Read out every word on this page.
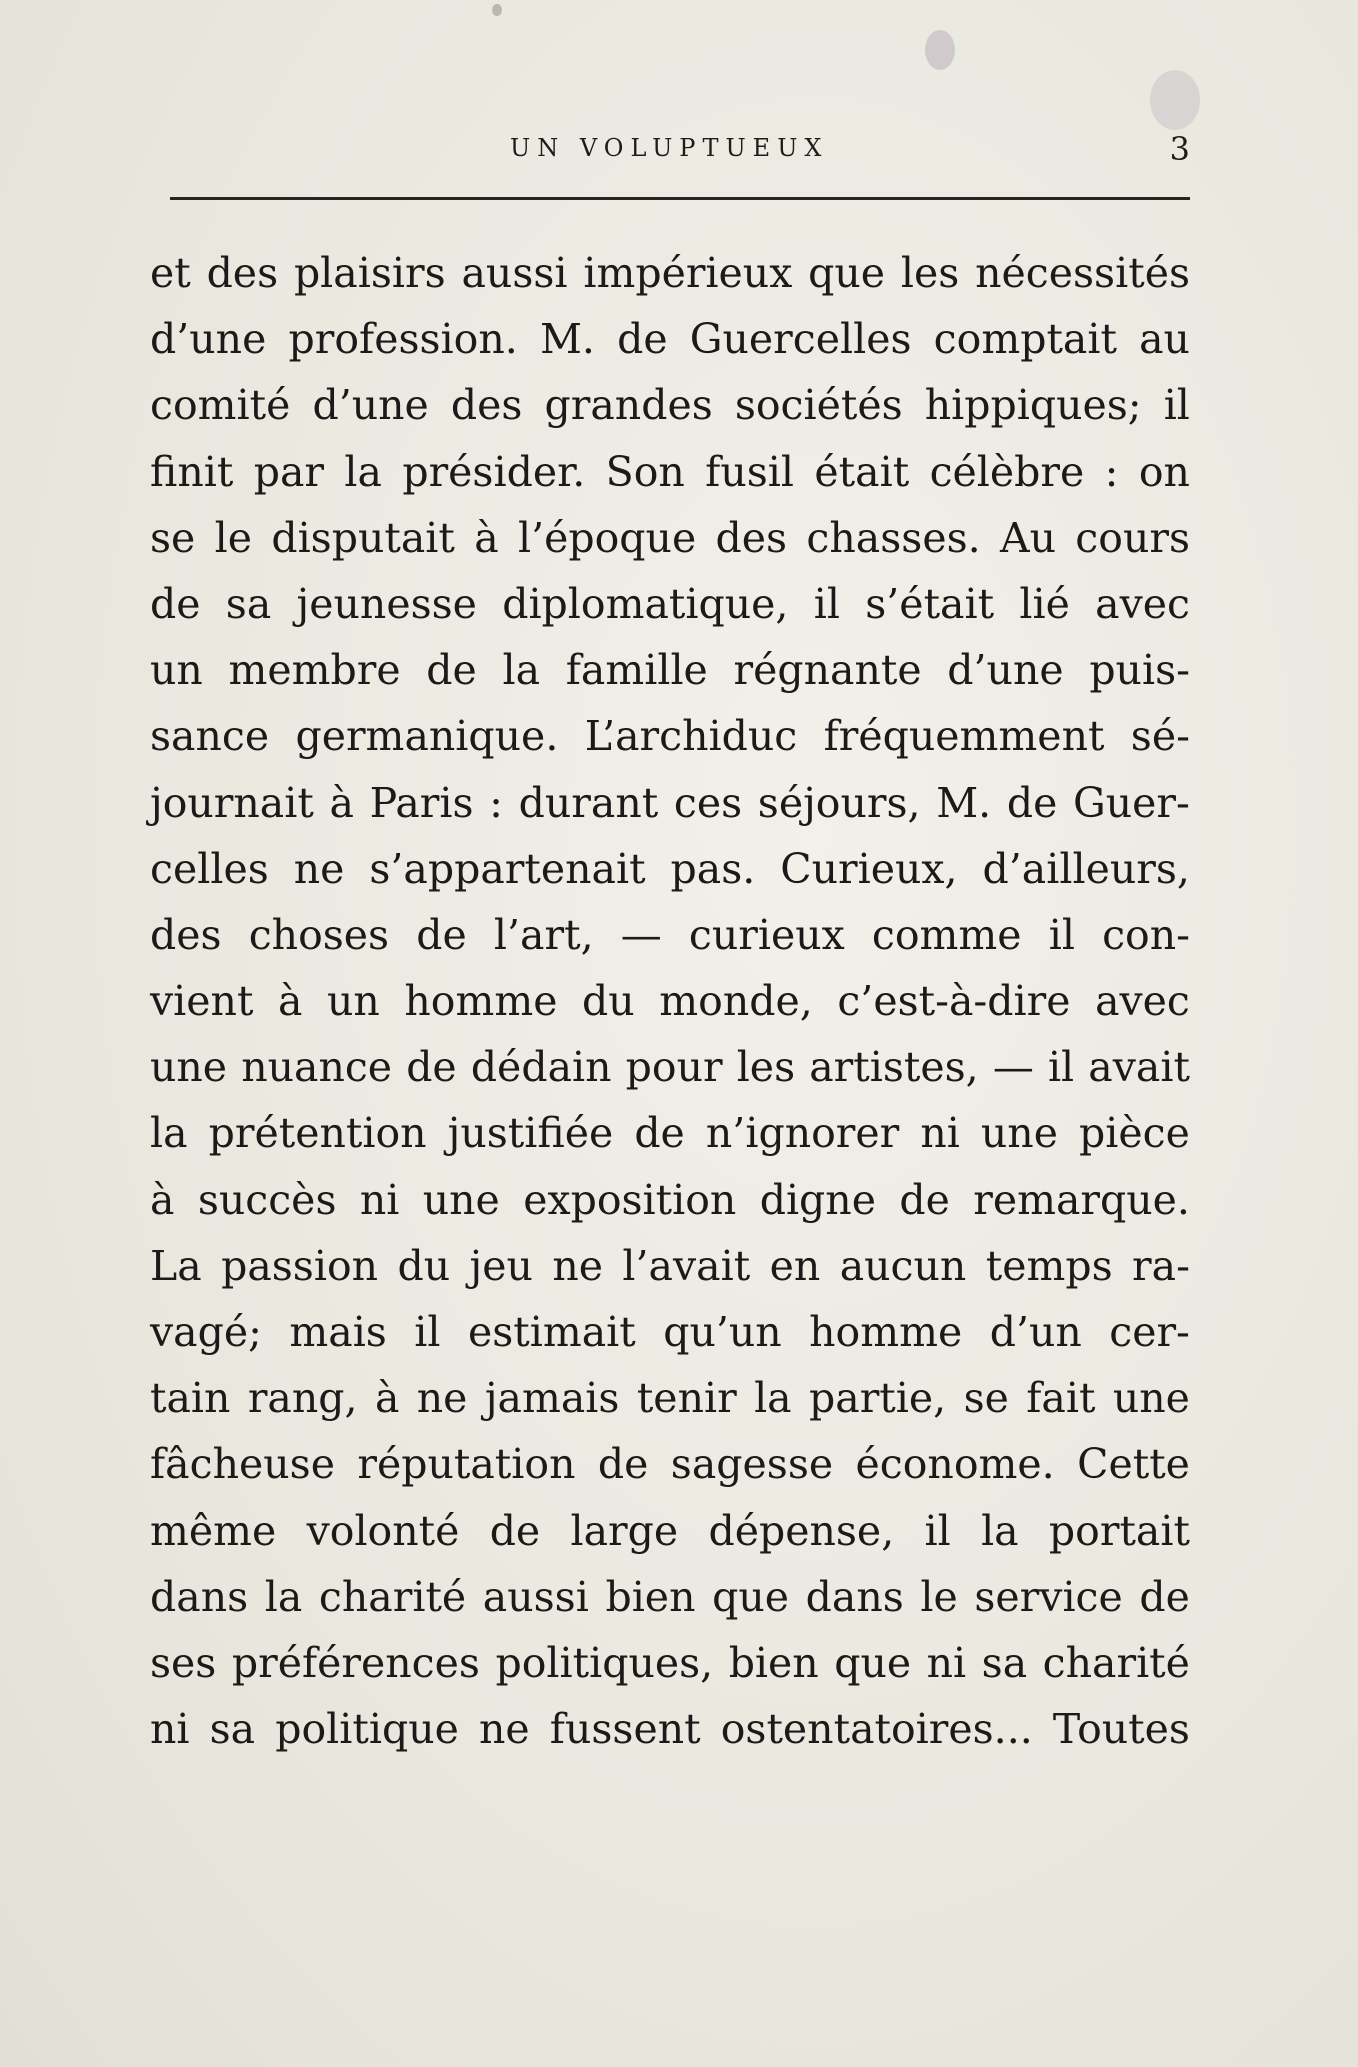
UN VOLUPTUEUX	3
et des plaisirs aussi impérieux que les nécessités
d’une profession. M. de Guercelles comptait au
comité d’une des grandes sociétés hippiques; il
finit par la présider. Son fusil était célèbre : on
se le disputait à l’époque des chasses. Au cours
de sa jeunesse diplomatique, il s’était lié avec
un membre de la famille régnante d’une puis-
sance germanique. L’archiduc fréquemment sé-
journait à Paris : durant ces séjours, M. de Guer-
celles ne s’appartenait pas. Curieux, d’ailleurs,
des choses de l’art, — curieux comme il con-
vient à un homme du monde, c’est-à-dire avec
une nuance de dédain pour les artistes, — il avait
la prétention justifiée de n’ignorer ni une pièce
à succès ni une exposition digne de remarque.
La passion du jeu ne l’avait en aucun temps ra-
vagé; mais il estimait qu’un homme d’un cer-
tain rang, à ne jamais tenir la partie, se fait une
fâcheuse réputation de sagesse économe. Cette
même volonté de large dépense, il la portait
dans la charité aussi bien que dans le service de
ses préférences politiques, bien que ni sa charité
ni sa politique ne fussent ostentatoires... Toutes
